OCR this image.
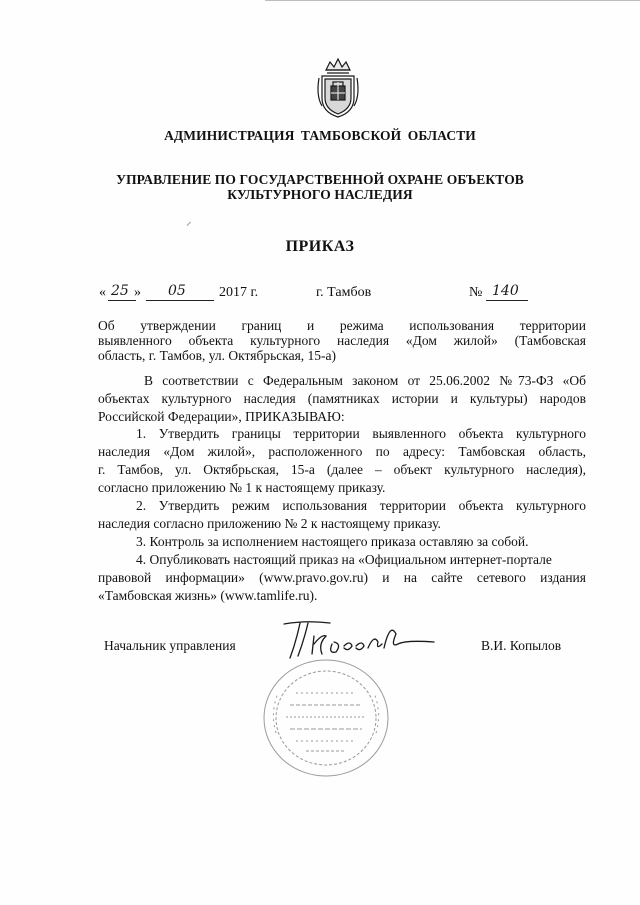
АДМИНИСТРАЦИЯ ТАМБОВСКОЙ ОБЛАСТИ
УПРАВЛЕНИЕ ПО ГОСУДАРСТВЕННОЙ ОХРАНЕ ОБЪЕКТОВ
КУЛЬТУРНОГО НАСЛЕДИЯ
⸝
ПРИКАЗ
« 25 » 05 2017 г.	г. Тамбов	№ 140
Об утверждении границ и режима использования территории
выявленного объекта культурного наследия «Дом жилой» (Тамбовская
область, г. Тамбов, ул. Октябрьская, 15-а)
В соответствии с Федеральным законом от 25.06.2002 №73-ФЗ «Об
объектах культурного наследия (памятниках истории и культуры) народов
Российской Федерации», ПРИКАЗЫВАЮ:
1. Утвердить границы территории выявленного объекта культурного
наследия «Дом жилой», расположенного по адресу: Тамбовская область,
г. Тамбов, ул. Октябрьская, 15-а (далее – объект культурного наследия),
согласно приложению № 1 к настоящему приказу.
2. Утвердить режим использования территории объекта культурного
наследия согласно приложению № 2 к настоящему приказу.
3. Контроль за исполнением настоящего приказа оставляю за собой.
4. Опубликовать настоящий приказ на «Официальном интернет-портале
правовой информации» (www.pravo.gov.ru) и на сайте сетевого издания
«Тамбовская жизнь» (www.tamlife.ru).
Начальник управления	В.И. Копылов
